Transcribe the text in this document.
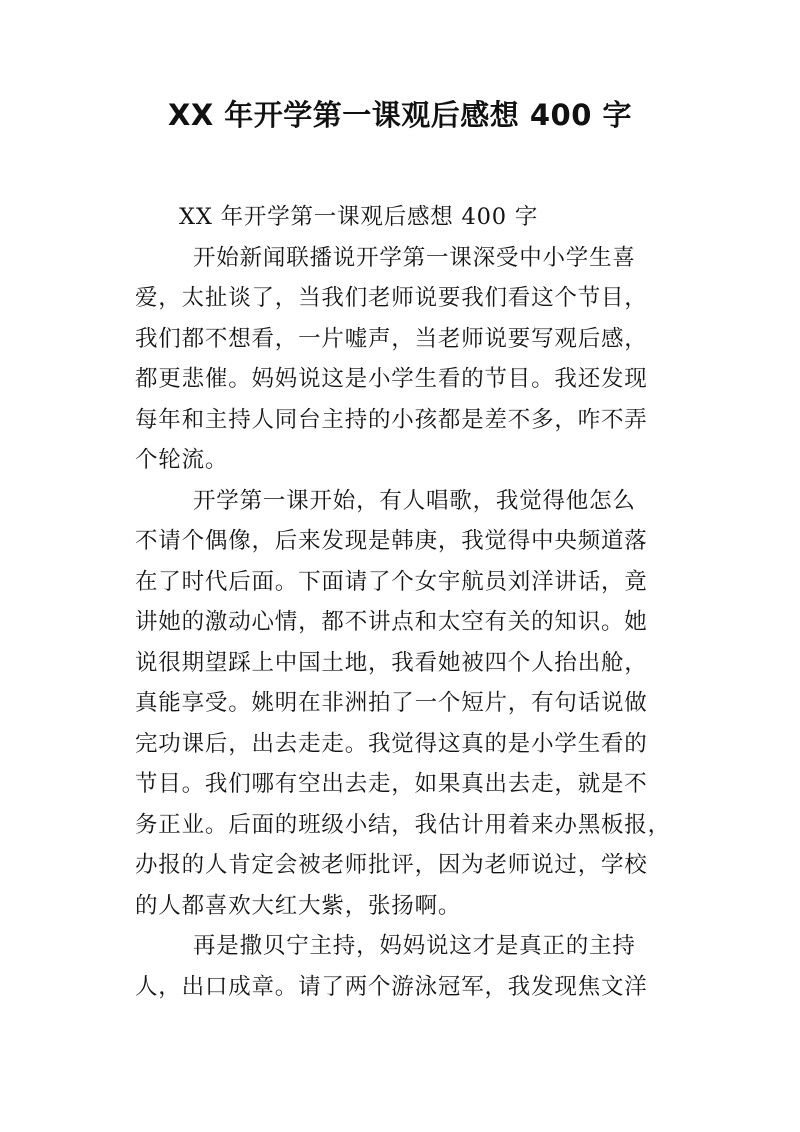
XX 年开学第一课观后感想 400 字
XX 年开学第一课观后感想 400 字
开始新闻联播说开学第一课深受中小学生喜
爱，太扯谈了，当我们老师说要我们看这个节目，
我们都不想看，一片嘘声，当老师说要写观后感，
都更悲催。妈妈说这是小学生看的节目。我还发现
每年和主持人同台主持的小孩都是差不多，咋不弄
个轮流。
开学第一课开始，有人唱歌，我觉得他怎么
不请个偶像，后来发现是韩庚，我觉得中央频道落
在了时代后面。下面请了个女宇航员刘洋讲话，竟
讲她的激动心情，都不讲点和太空有关的知识。她
说很期望踩上中国土地，我看她被四个人抬出舱，
真能享受。姚明在非洲拍了一个短片，有句话说做
完功课后，出去走走。我觉得这真的是小学生看的
节目。我们哪有空出去走，如果真出去走，就是不
务正业。后面的班级小结，我估计用着来办黑板报，
办报的人肯定会被老师批评，因为老师说过，学校
的人都喜欢大红大紫，张扬啊。
再是撒贝宁主持，妈妈说这才是真正的主持
人，出口成章。请了两个游泳冠军，我发现焦文洋
